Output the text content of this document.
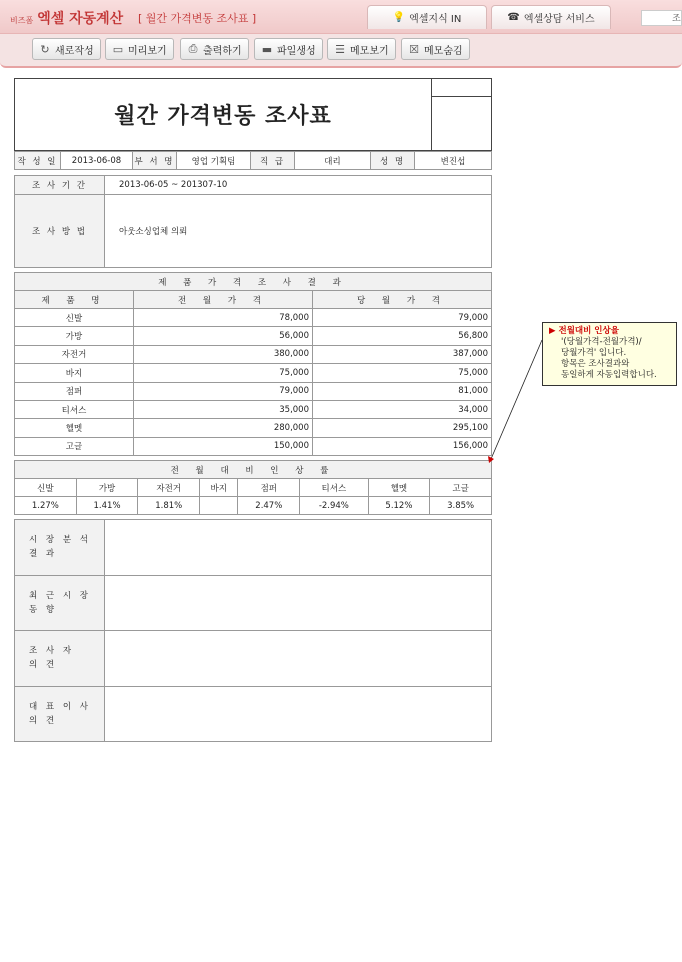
비즈폼 엑셀 자동계산 [ 월간 가격변동 조사표 ]	💡 엑셀지식 IN	☎ 엑셀상담 서비스	조
↻ 새로작성 ▭ 미리보기 ⎙ 출력하기 ▬ 파일생성 ☰ 메모보기 ☒ 메모숨김
월간 가격변동 조사표
작 성 일	2013-06-08	부 서 명	영업 기획팀	직 급	대리	성 명	변진섭
조 사 기 간	2013-06-05 ~ 201307-10
조 사 방 법	아웃소싱업체 의뢰
제 품 가 격 조 사 결 과		
제 품 명	전 월 가 격	당 월 가 격
신발	78,000	79,000
가방	56,000	56,800
자전거	380,000	387,000
바지	75,000	75,000
점퍼	79,000	81,000
티셔스	35,000	34,000
헬멧	280,000	295,100
고글	150,000	156,000
전 월 대 비 인 상 률							
신발	가방	자전거	바지	점퍼	티셔스	헬멧	고글
1.27%	1.41%	1.81%		2.47%	-2.94%	5.12%	3.85%
시 장 분 석
결 과	

최 근 시 장
동 향	

조 사 자
의 견	

대 표 이 사
의 견	

▶ 전월대비 인상율
'(당월가격-전월가격)/
당월가격' 입니다.
항목은 조사결과와
동일하게 자동입력합니다.
